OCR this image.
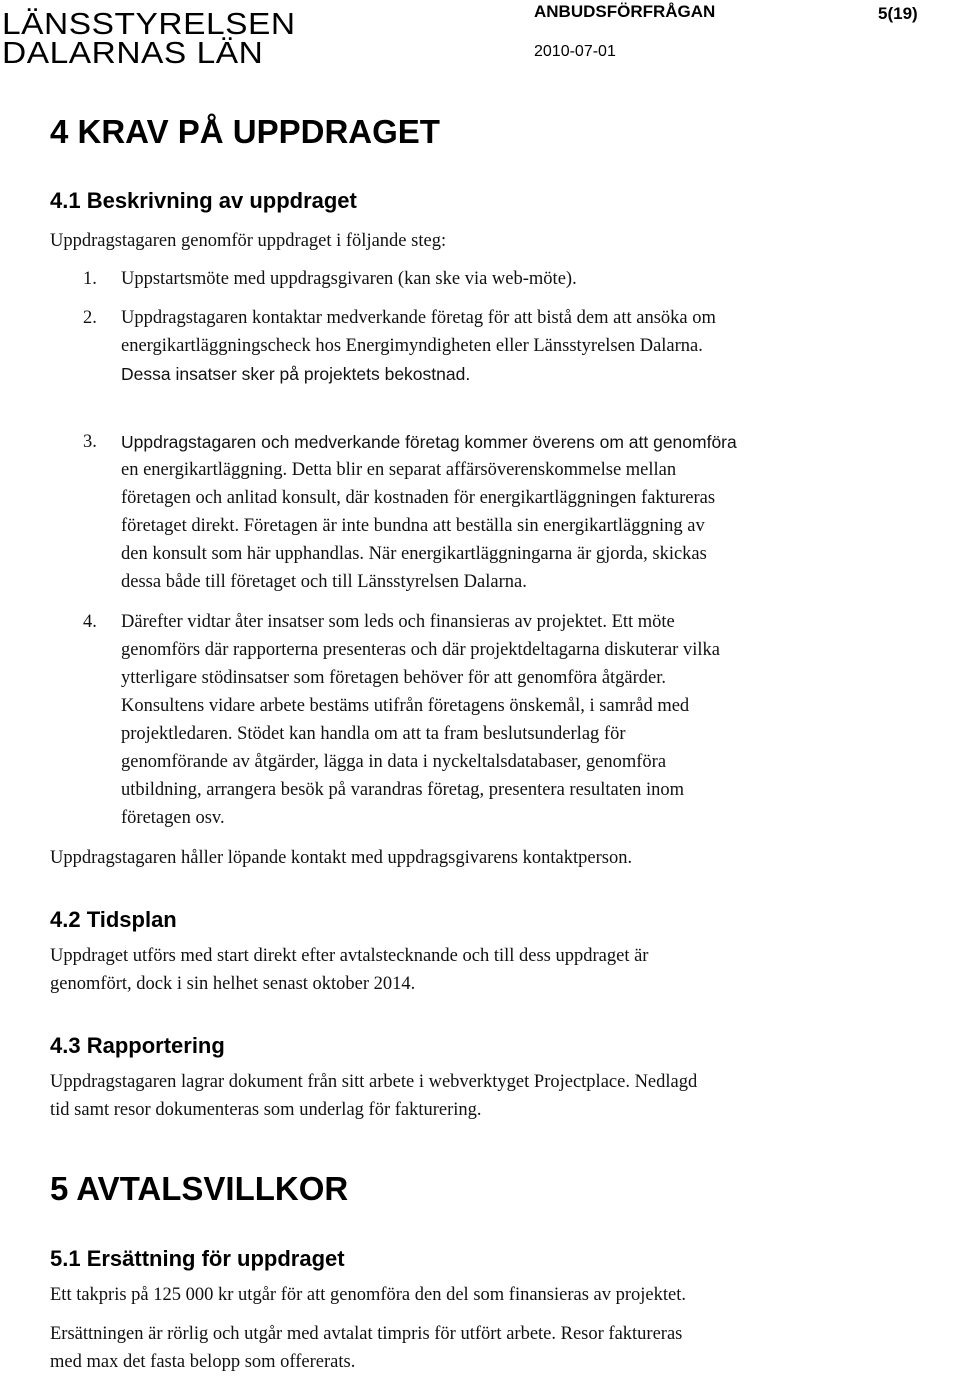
LÄNSSTYRELSEN
DALARNAS LÄN
ANBUDSFÖRFRÅGAN	5(19)
2010-07-01
4 KRAV PÅ UPPDRAGET
4.1 Beskrivning av uppdraget
Uppdragstagaren genomför uppdraget i följande steg:
1. Uppstartsmöte med uppdragsgivaren (kan ske via web-möte).
2. Uppdragstagaren kontaktar medverkande företag för att bistå dem att ansöka om
energikartläggningscheck hos Energimyndigheten eller Länsstyrelsen Dalarna.
Dessa insatser sker på projektets bekostnad.
3. Uppdragstagaren och medverkande företag kommer överens om att genomföra
en energikartläggning. Detta blir en separat affärsöverenskommelse mellan
företagen och anlitad konsult, där kostnaden för energikartläggningen faktureras
företaget direkt. Företagen är inte bundna att beställa sin energikartläggning av
den konsult som här upphandlas. När energikartläggningarna är gjorda, skickas
dessa både till företaget och till Länsstyrelsen Dalarna.
4. Därefter vidtar åter insatser som leds och finansieras av projektet. Ett möte
genomförs där rapporterna presenteras och där projektdeltagarna diskuterar vilka
ytterligare stödinsatser som företagen behöver för att genomföra åtgärder.
Konsultens vidare arbete bestäms utifrån företagens önskemål, i samråd med
projektledaren. Stödet kan handla om att ta fram beslutsunderlag för
genomförande av åtgärder, lägga in data i nyckeltalsdatabaser, genomföra
utbildning, arrangera besök på varandras företag, presentera resultaten inom
företagen osv.
Uppdragstagaren håller löpande kontakt med uppdragsgivarens kontaktperson.
4.2 Tidsplan
Uppdraget utförs med start direkt efter avtalstecknande och till dess uppdraget är
genomfört, dock i sin helhet senast oktober 2014.
4.3 Rapportering
Uppdragstagaren lagrar dokument från sitt arbete i webverktyget Projectplace. Nedlagd
tid samt resor dokumenteras som underlag för fakturering.
5 AVTALSVILLKOR
5.1 Ersättning för uppdraget
Ett takpris på 125 000 kr utgår för att genomföra den del som finansieras av projektet.
Ersättningen är rörlig och utgår med avtalat timpris för utfört arbete. Resor faktureras
med max det fasta belopp som offererats.
